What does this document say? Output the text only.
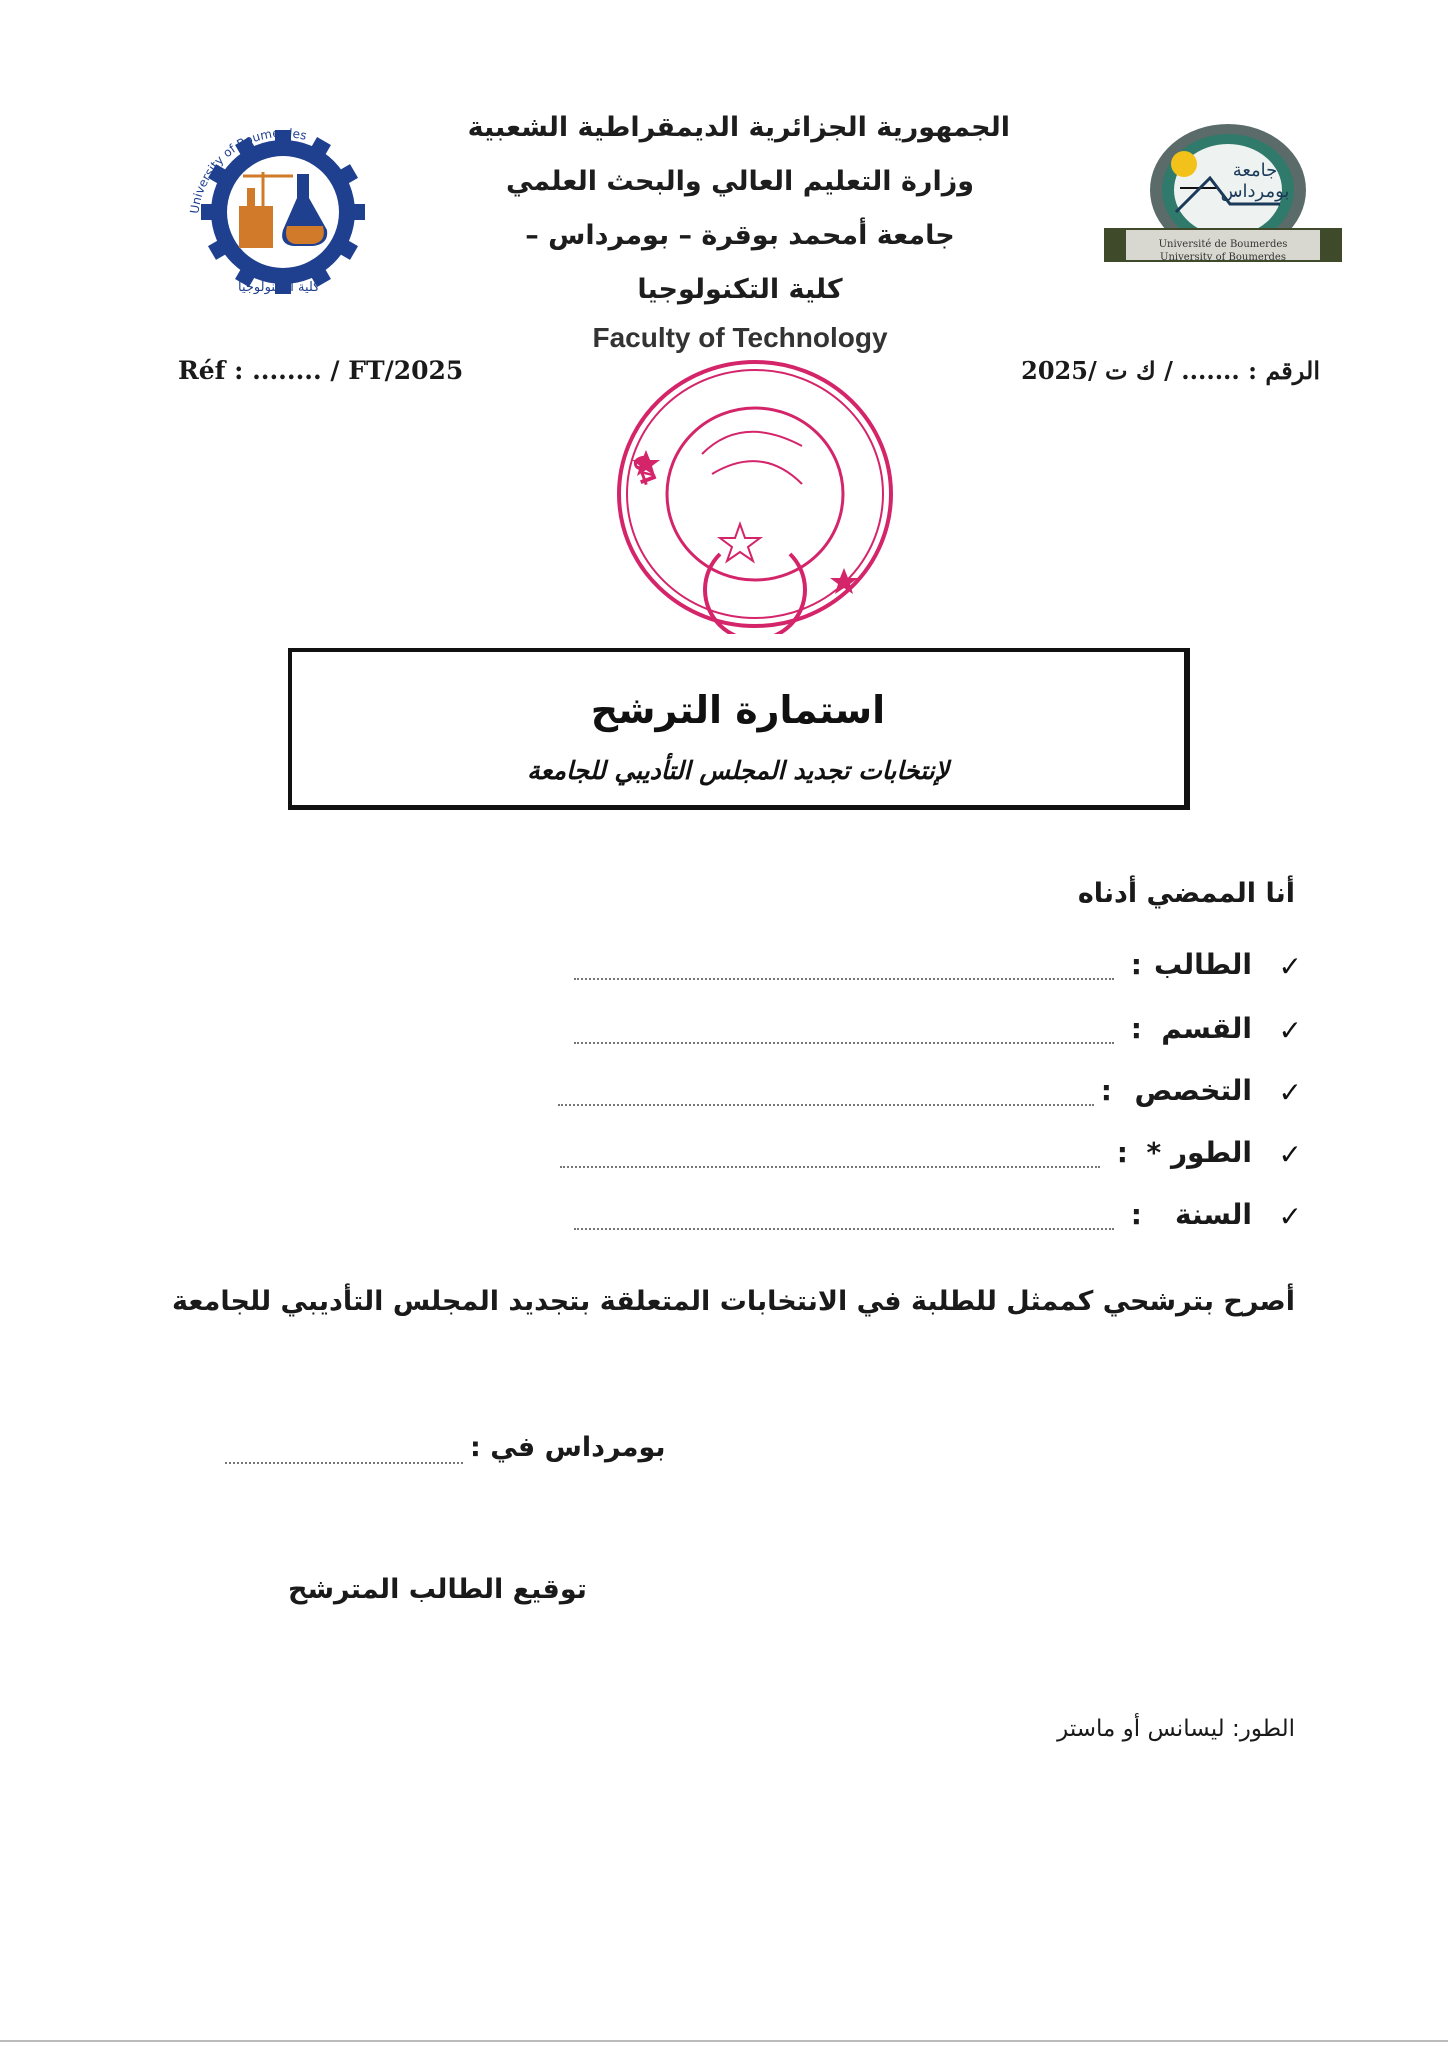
University of Boumerdes
كلية التكنولوجيا
جامعة بومرداس
Université de Boumerdes
University of Boumerdes
الجمهورية الجزائرية الديمقراطية الشعبية
وزارة التعليم العالي والبحث العلمي
جامعة أمحمد بوقرة – بومرداس –
كلية التكنولوجيا
Faculty of Technology
Réf : ........ / FT/2025	الرقم : ....... / ك ت /2025
04
استمارة الترشح
لإنتخابات تجديد المجلس التأديبي للجامعة
أنا الممضي أدناه
✓
الطالب
:
✓
القسم
:
✓
التخصص
:
✓
الطور *
:
✓
السنة
:
أصرح بترشحي كممثل للطلبة في الانتخابات المتعلقة بتجديد المجلس التأديبي للجامعة
بومرداس في :
توقيع الطالب المترشح
الطور: ليسانس أو ماستر
